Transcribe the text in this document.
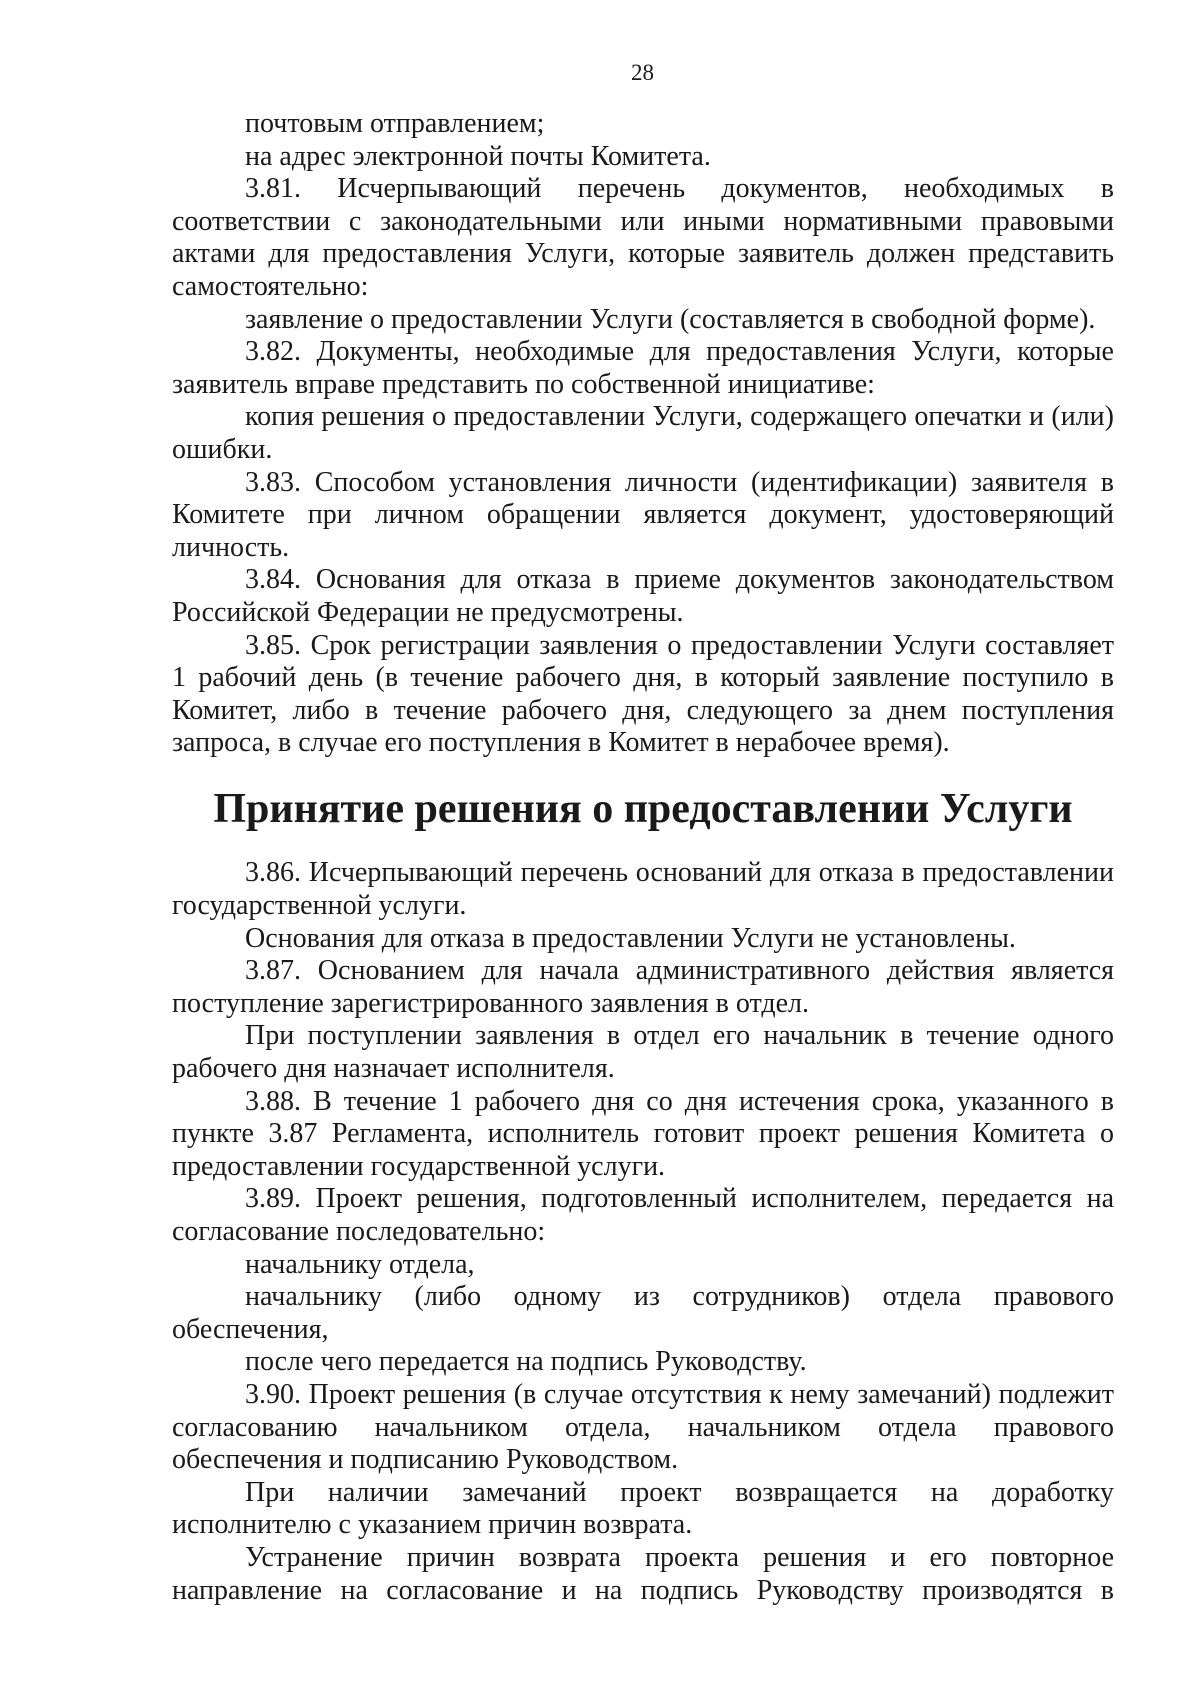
28

почтовым отправлением;

на адрес электронной почты Комитета.

3.81. Исчерпывающий перечень документов, необходимых в соответствии с законодательными или иными нормативными правовыми актами для предоставления Услуги, которые заявитель должен представить самостоятельно:

заявление о предоставлении Услуги (составляется в свободной форме).

3.82. Документы, необходимые для предоставления Услуги, которые заявитель вправе представить по собственной инициативе:

копия решения о предоставлении Услуги, содержащего опечатки и (или) ошибки.

3.83. Способом установления личности (идентификации) заявителя в Комитете при личном обращении является документ, удостоверяющий личность.

3.84. Основания для отказа в приеме документов законодательством Российской Федерации не предусмотрены.

3.85. Срок регистрации заявления о предоставлении Услуги составляет 1 рабочий день (в течение рабочего дня, в который заявление поступило в Комитет, либо в течение рабочего дня, следующего за днем поступления запроса, в случае его поступления в Комитет в нерабочее время).

Принятие решения о предоставлении Услуги

3.86. Исчерпывающий перечень оснований для отказа в предоставлении государственной услуги.

Основания для отказа в предоставлении Услуги не установлены.

3.87. Основанием для начала административного действия является поступление зарегистрированного заявления в отдел.

При поступлении заявления в отдел его начальник в течение одного рабочего дня назначает исполнителя.

3.88. В течение 1 рабочего дня со дня истечения срока, указанного в пункте 3.87 Регламента, исполнитель готовит проект решения Комитета о предоставлении государственной услуги.

3.89. Проект решения, подготовленный исполнителем, передается на согласование последовательно:

начальнику отдела,

начальнику (либо одному из сотрудников) отдела правового обеспечения,

после чего передается на подпись Руководству.

3.90. Проект решения (в случае отсутствия к нему замечаний) подлежит согласованию начальником отдела, начальником отдела правового обеспечения и подписанию Руководством.

При наличии замечаний проект возвращается на доработку исполнителю с указанием причин возврата.

Устранение причин возврата проекта решения и его повторное направление на согласование и на подпись Руководству производятся в
